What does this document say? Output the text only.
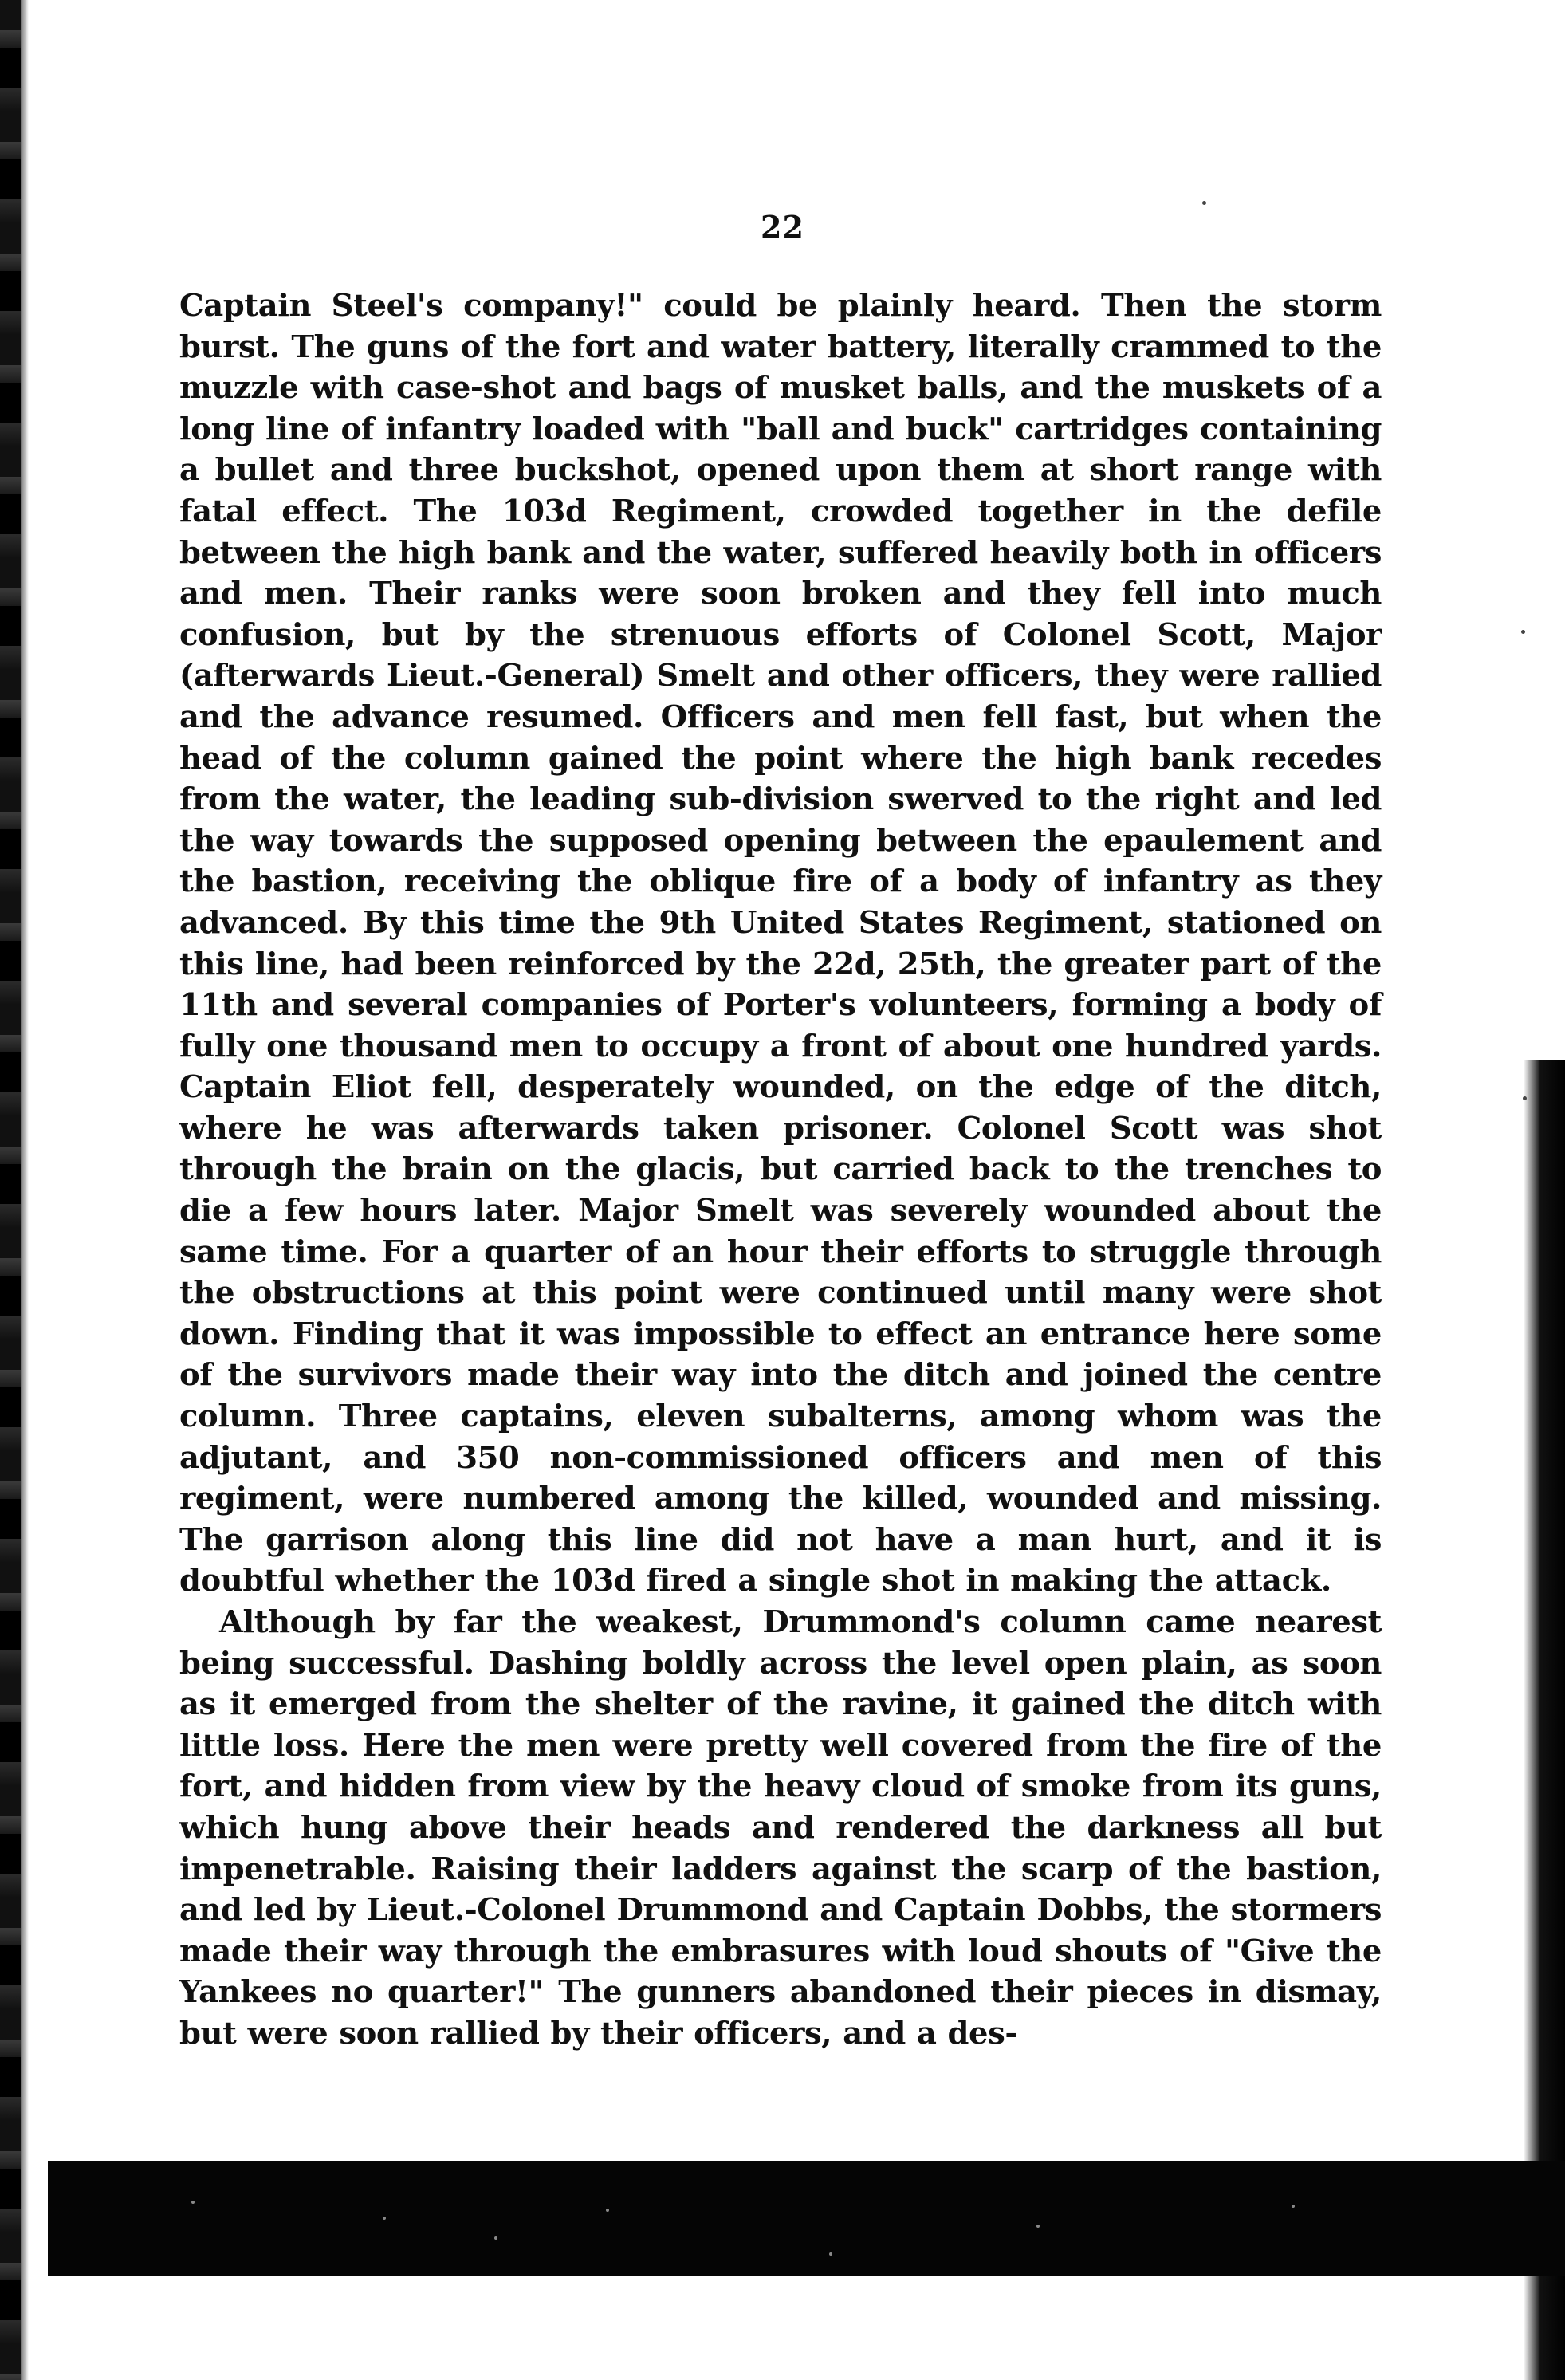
22

Captain Steel's company!" could be plainly heard. Then the storm burst. The guns of the fort and water battery, literally crammed to the muzzle with case-shot and bags of musket balls, and the muskets of a long line of infantry loaded with "ball and buck" cartridges containing a bullet and three buckshot, opened upon them at short range with fatal effect. The 103d Regiment, crowded together in the defile between the high bank and the water, suffered heavily both in officers and men. Their ranks were soon broken and they fell into much confusion, but by the strenuous efforts of Colonel Scott, Major (afterwards Lieut.-General) Smelt and other officers, they were rallied and the advance resumed. Officers and men fell fast, but when the head of the column gained the point where the high bank recedes from the water, the leading sub-division swerved to the right and led the way towards the supposed opening between the epaulement and the bastion, receiving the oblique fire of a body of infantry as they advanced. By this time the 9th United States Regiment, stationed on this line, had been reinforced by the 22d, 25th, the greater part of the 11th and several companies of Porter's volunteers, forming a body of fully one thousand men to occupy a front of about one hundred yards. Captain Eliot fell, desperately wounded, on the edge of the ditch, where he was afterwards taken prisoner. Colonel Scott was shot through the brain on the glacis, but carried back to the trenches to die a few hours later. Major Smelt was severely wounded about the same time. For a quarter of an hour their efforts to struggle through the obstructions at this point were continued until many were shot down. Finding that it was impossible to effect an entrance here some of the survivors made their way into the ditch and joined the centre column. Three captains, eleven subalterns, among whom was the adjutant, and 350 non-commissioned officers and men of this regiment, were numbered among the killed, wounded and missing. The garrison along this line did not have a man hurt, and it is doubtful whether the 103d fired a single shot in making the attack.

Although by far the weakest, Drummond's column came nearest being successful. Dashing boldly across the level open plain, as soon as it emerged from the shelter of the ravine, it gained the ditch with little loss. Here the men were pretty well covered from the fire of the fort, and hidden from view by the heavy cloud of smoke from its guns, which hung above their heads and rendered the darkness all but impenetrable. Raising their ladders against the scarp of the bastion, and led by Lieut.-Colonel Drummond and Captain Dobbs, the stormers made their way through the embrasures with loud shouts of "Give the Yankees no quarter!" The gunners abandoned their pieces in dismay, but were soon rallied by their officers, and a des-
